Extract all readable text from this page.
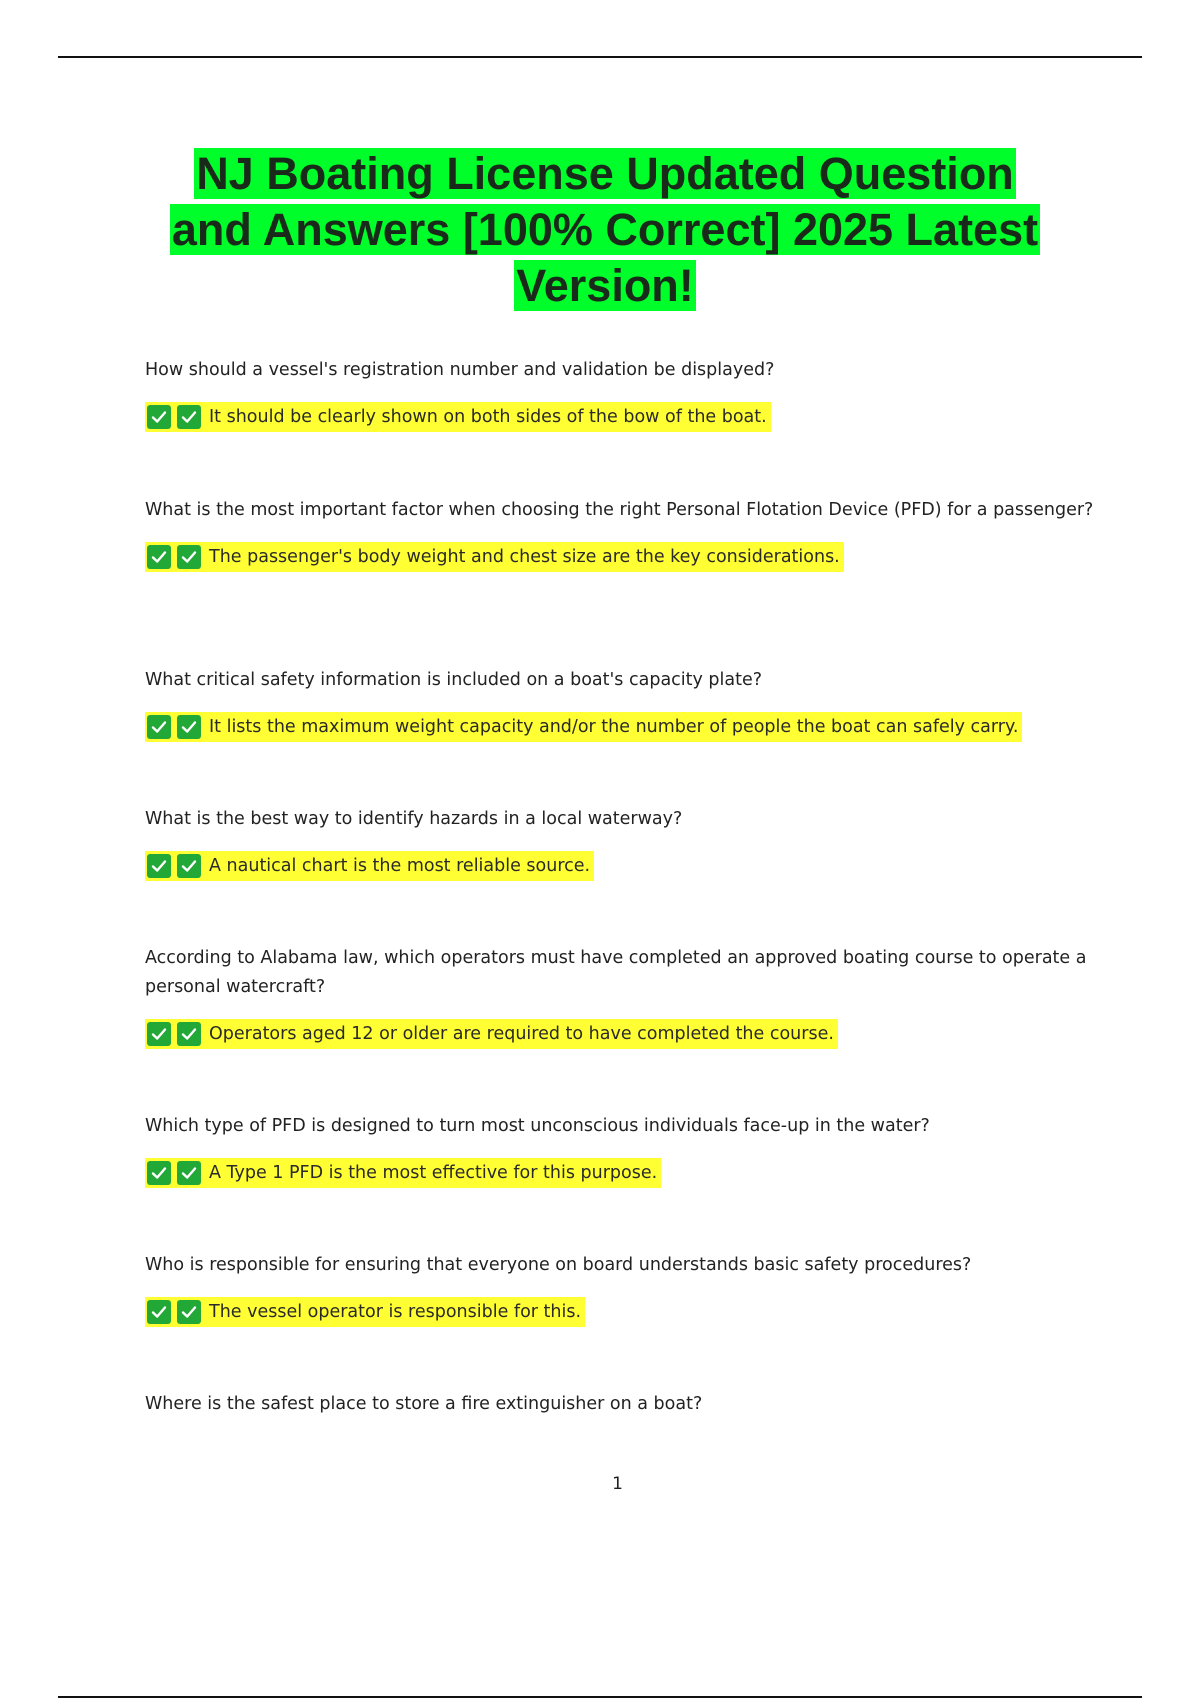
NJ Boating License Updated Question
and Answers [100% Correct] 2025 Latest
Version!

How should a vessel's registration number and validation be displayed?

It should be clearly shown on both sides of the bow of the boat.

What is the most important factor when choosing the right Personal Flotation Device (PFD) for a passenger?

The passenger's body weight and chest size are the key considerations.

What critical safety information is included on a boat's capacity plate?

It lists the maximum weight capacity and/or the number of people the boat can safely carry.

What is the best way to identify hazards in a local waterway?

A nautical chart is the most reliable source.

According to Alabama law, which operators must have completed an approved boating course to operate a personal watercraft?

Operators aged 12 or older are required to have completed the course.

Which type of PFD is designed to turn most unconscious individuals face-up in the water?

A Type 1 PFD is the most effective for this purpose.

Who is responsible for ensuring that everyone on board understands basic safety procedures?

The vessel operator is responsible for this.

Where is the safest place to store a fire extinguisher on a boat?

1
